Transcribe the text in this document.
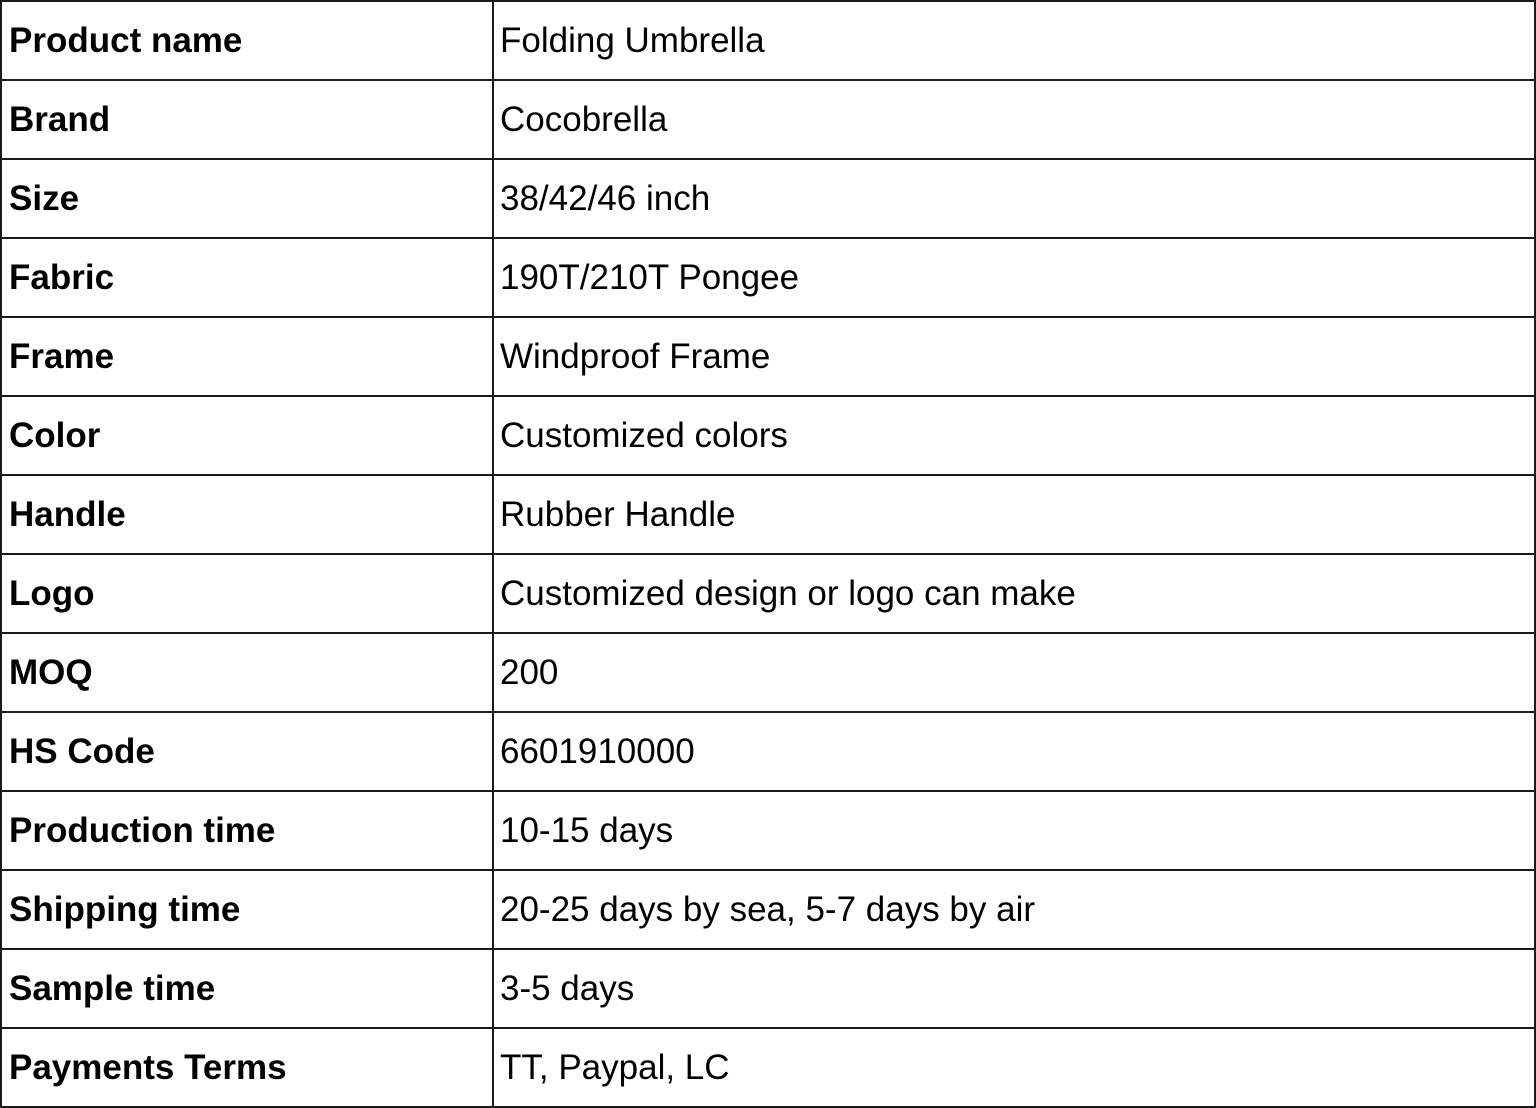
Product name	Folding Umbrella
Brand	Cocobrella
Size	38/42/46 inch
Fabric	190T/210T Pongee
Frame	Windproof Frame
Color	Customized colors
Handle	Rubber Handle
Logo	Customized design or logo can make
MOQ	200
HS Code	6601910000
Production time	10-15 days
Shipping time	20-25 days by sea, 5-7 days by air
Sample time	3-5 days
Payments Terms	TT, Paypal, LC
